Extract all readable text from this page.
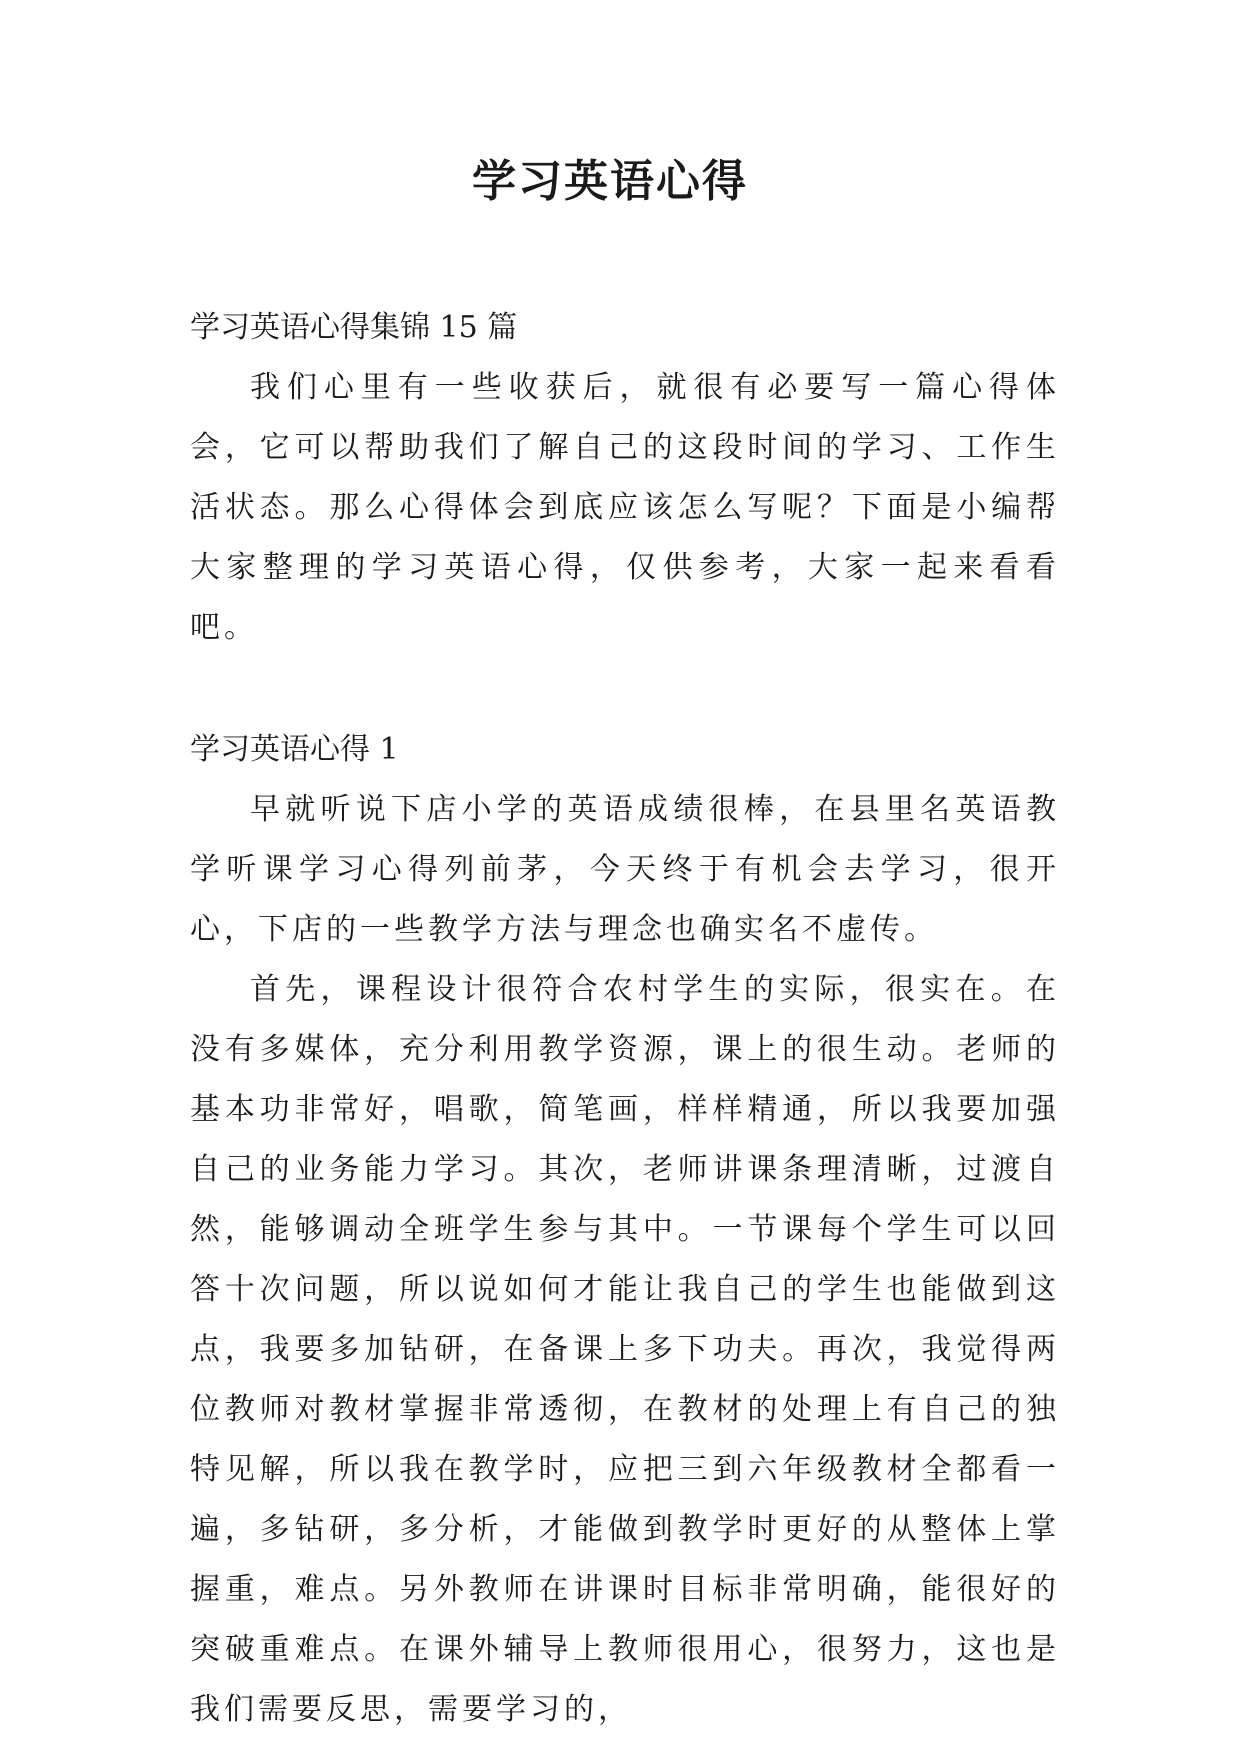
学习英语心得

学习英语心得集锦 15 篇

我们心里有一些收获后，就很有必要写一篇心得体会，它可以帮助我们了解自己的这段时间的学习、工作生活状态。那么心得体会到底应该怎么写呢？下面是小编帮大家整理的学习英语心得，仅供参考，大家一起来看看吧。

学习英语心得 1

早就听说下店小学的英语成绩很棒，在县里名英语教学听课学习心得列前茅，今天终于有机会去学习，很开心，下店的一些教学方法与理念也确实名不虚传。

首先，课程设计很符合农村学生的实际，很实在。在没有多媒体，充分利用教学资源，课上的很生动。老师的基本功非常好，唱歌，简笔画，样样精通，所以我要加强自己的业务能力学习。其次，老师讲课条理清晰，过渡自然，能够调动全班学生参与其中。一节课每个学生可以回答十次问题，所以说如何才能让我自己的学生也能做到这点，我要多加钻研，在备课上多下功夫。再次，我觉得两位教师对教材掌握非常透彻，在教材的处理上有自己的独特见解，所以我在教学时，应把三到六年级教材全都看一遍，多钻研，多分析，才能做到教学时更好的从整体上掌握重，难点。另外教师在讲课时目标非常明确，能很好的突破重难点。在课外辅导上教师很用心，很努力，这也是我们需要反思，需要学习的，
